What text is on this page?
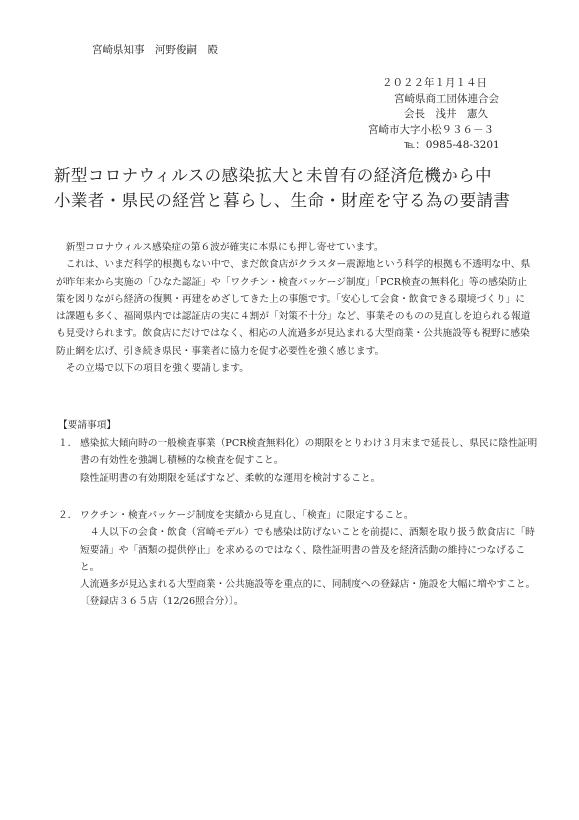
宮崎県知事　河野俊嗣　殿
２０２２年１月１４日
宮崎県商工団体連合会
会長　浅井　憲久
宮崎市大字小松９３６－３
℡：0985-48-3201
新型コロナウィルスの感染拡大と未曽有の経済危機から中
小業者・県民の経営と暮らし、生命・財産を守る為の要請書

新型コロナウィルス感染症の第６波が確実に本県にも押し寄せています。

これは、いまだ科学的根拠もない中で、まだ飲食店がクラスター震源地という科学的根拠も不透明な中、県が昨年来から実施の「ひなた認証」や「ワクチン・検査パッケージ制度」「PCR検査の無料化」等の感染防止策を図りながら経済の復興・再建をめざしてきた上の事態です。「安心して会食・飲食できる環境づくり」には課題も多く、福岡県内では認証店の実に４割が「対策不十分」など、事業そのものの見直しを迫られる報道も見受けられます。飲食店にだけではなく、相応の人流過多が見込まれる大型商業・公共施設等も視野に感染防止網を広げ、引き続き県民・事業者に協力を促す必要性を強く感じます。

その立場で以下の項目を強く要請します。

【要請事項】
１． 感染拡大傾向時の一般検査事業（PCR検査無料化）の期限をとりわけ３月末まで延長し、県民に陰性証明書の有効性を強調し積極的な検査を促すこと。

陰性証明書の有効期限を延ばすなど、柔軟的な運用を検討すること。

２． ワクチン・検査パッケージ制度を実績から見直し、「検査」に限定すること。

４人以下の会食・飲食（宮崎モデル）でも感染は防げないことを前提に、酒類を取り扱う飲食店に「時短要請」や「酒類の提供停止」を求めるのではなく、陰性証明書の普及を経済活動の維持につなげること。

人流過多が見込まれる大型商業・公共施設等を重点的に、同制度への登録店・施設を大幅に増やすこと。〔登録店３６５店（12/26照合分）〕。
